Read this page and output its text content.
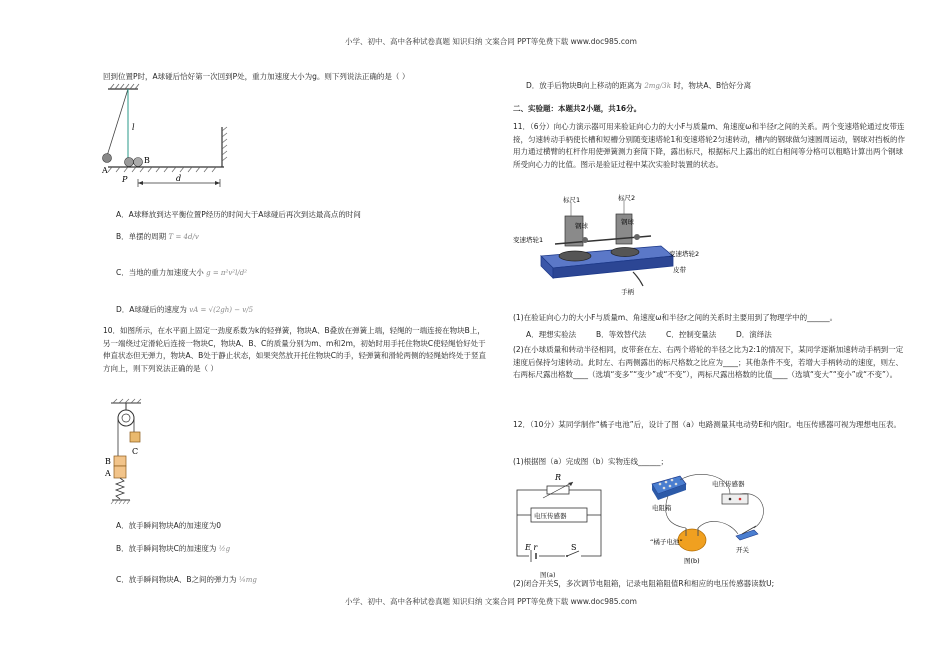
小学、初中、高中各种试卷真题 知识归纳 文案合同 PPT等免费下载 www.doc985.com
小学、初中、高中各种试卷真题 知识归纳 文案合同 PPT等免费下载 www.doc985.com
回到位置P时，A球碰后恰好第一次回到P处，重力加速度大小为g。则下列说法正确的是（ ）
l
A
B
P	d
A．A球释放到达平衡位置P经历的时间大于A球碰后再次到达最高点的时间
B．单摆的周期 T = 4d/v
C．当地的重力加速度大小 g = π²v²l/d²
D．A球碰后的速度为 vA = √(2gh) − v/5
10．如图所示，在水平面上固定一劲度系数为k的轻弹簧，物块A、B叠放在弹簧上端，轻绳的一端连接在物块B上，另一端绕过定滑轮后连接一物块C，物块A、B、C的质量分别为m、m和2m，初始时用手托住物块C使轻绳恰好处于伸直状态但无弹力，物块A、B处于静止状态，如果突然放开托住物块C的手，轻弹簧和滑轮两侧的轻绳始终处于竖直方向上，则下列说法正确的是（ ）
C
B
A
A．放手瞬间物块A的加速度为0
B．放手瞬间物块C的加速度为 ½g
C．放手瞬间物块A、B之间的弹力为 ¼mg
D．放手后物块B向上移动的距离为 2mg/3k 时，物块A、B恰好分离
二、实验题：本题共2小题，共16分。
11．（6分）向心力演示器可用来验证向心力的大小F与质量m、角速度ω和半径r之间的关系。两个变速塔轮通过皮带连接，匀速转动手柄使长槽和短槽分别随变速塔轮1和变速塔轮2匀速转动，槽内的钢球做匀速圆周运动，钢球对挡板的作用力通过横臂的杠杆作用使弹簧测力套筒下降，露出标尺，根据标尺上露出的红白相间等分格可以粗略计算出两个钢球所受向心力的比值。图示是验证过程中某次实验时装置的状态。
标尺1	标尺2
钢球	钢球
变速塔轮1
变速塔轮2
皮带
手柄
(1)在验证向心力的大小F与质量m、角速度ω和半径r之间的关系时主要用到了物理学中的______。
A．理想实验法	B．等效替代法	C．控制变量法	D．演绎法
(2)在小球质量和转动半径相同，皮带套在左、右两个塔轮的半径之比为2:1的情况下，某同学逐渐加速转动手柄到一定速度后保持匀速转动。此时左、右两侧露出的标尺格数之比应为____；其他条件不变，若增大手柄转动的速度，则左、右两标尺露出格数____（选填“变多”“变少”或“不变”），两标尺露出格数的比值____（选填“变大”“变小”或“不变”）。
12．（10分）某同学制作“橘子电池”后，设计了图（a）电路测量其电动势E和内阻r。电压传感器可视为理想电压表。
(1)根据图（a）完成图（b）实物连线______；
R
电压传感器
E r	S
图(a)
电阻箱
电压传感器
“橘子电池”
开关
图(b)
(2)闭合开关S，多次调节电阻箱，记录电阻箱阻值R和相应的电压传感器读数U;
